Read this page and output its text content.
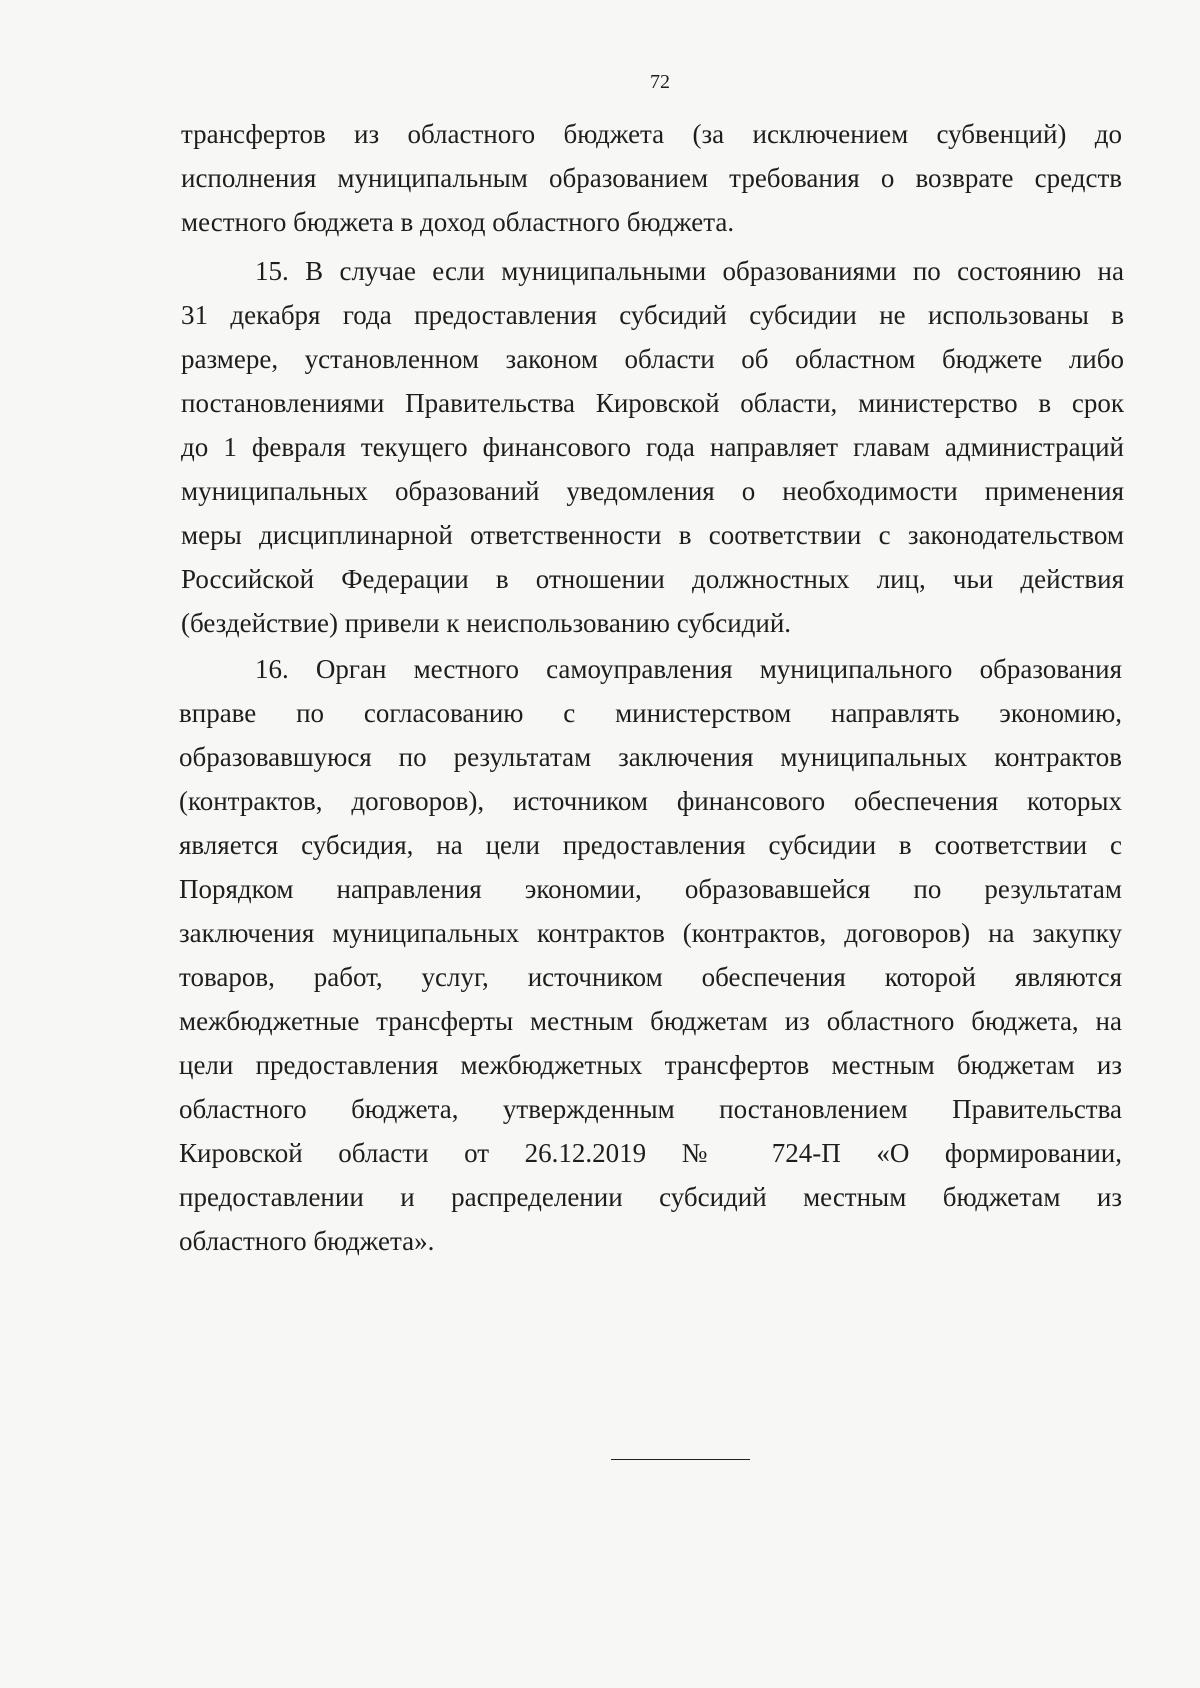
72
трансфертов из областного бюджета (за исключением субвенций) до
исполнения муниципальным образованием требования о возврате средств
местного бюджета в доход областного бюджета.
15. В случае если муниципальными образованиями по состоянию на
31 декабря года предоставления субсидий субсидии не использованы в
размере, установленном законом области об областном бюджете либо
постановлениями Правительства Кировской области, министерство в срок
до 1 февраля текущего финансового года направляет главам администраций
муниципальных образований уведомления о необходимости применения
меры дисциплинарной ответственности в соответствии с законодательством
Российской Федерации в отношении должностных лиц, чьи действия
(бездействие) привели к неиспользованию субсидий.
16. Орган местного самоуправления муниципального образования
вправе по согласованию с министерством направлять экономию,
образовавшуюся по результатам заключения муниципальных контрактов
(контрактов, договоров), источником финансового обеспечения которых
является субсидия, на цели предоставления субсидии в соответствии с
Порядком направления экономии, образовавшейся по результатам
заключения муниципальных контрактов (контрактов, договоров) на закупку
товаров, работ, услуг, источником обеспечения которой являются
межбюджетные трансферты местным бюджетам из областного бюджета, на
цели предоставления межбюджетных трансфертов местным бюджетам из
областного бюджета, утвержденным постановлением Правительства
Кировской области от 26.12.2019 № 724-П «О формировании,
предоставлении и распределении субсидий местным бюджетам из
областного бюджета».
